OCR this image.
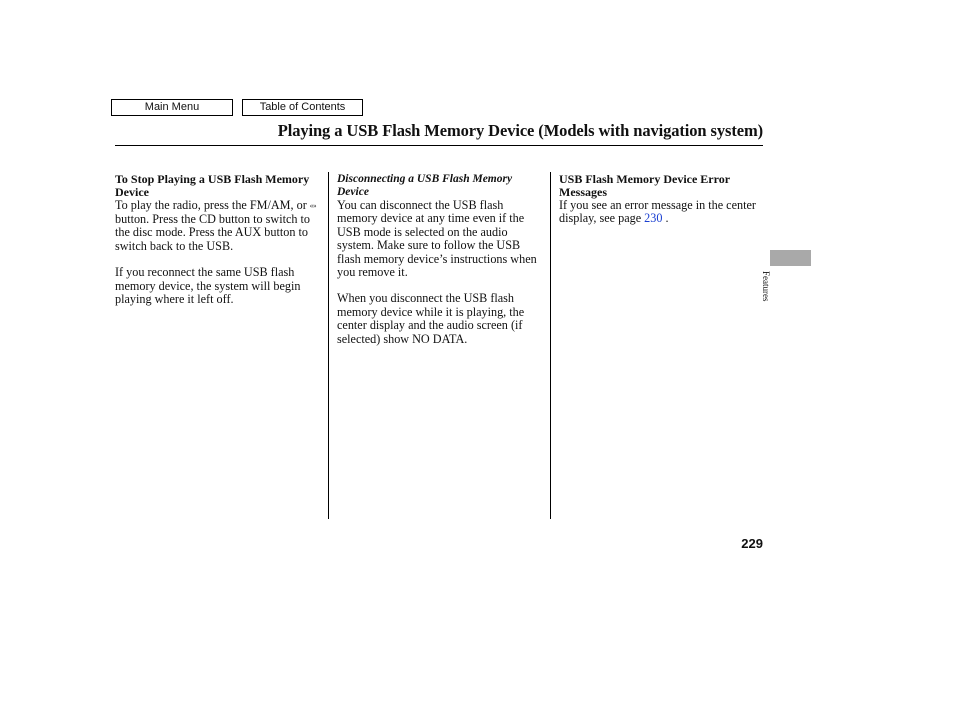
Main Menu	Table of Contents
Playing a USB Flash Memory Device (Models with navigation system)
To Stop Playing a USB Flash Memory Device

To play the radio, press the FM/AM, or «» button. Press the CD button to switch to the disc mode. Press the AUX button to switch back to the USB.

If you reconnect the same USB flash memory device, the system will begin playing where it left off.

Disconnecting a USB Flash Memory Device

You can disconnect the USB flash memory device at any time even if the USB mode is selected on the audio system. Make sure to follow the USB flash memory device’s instructions when you remove it.

When you disconnect the USB flash memory device while it is playing, the center display and the audio screen (if selected) show NO DATA.

USB Flash Memory Device Error Messages

If you see an error message in the center display, see page 230 .

Features
229
